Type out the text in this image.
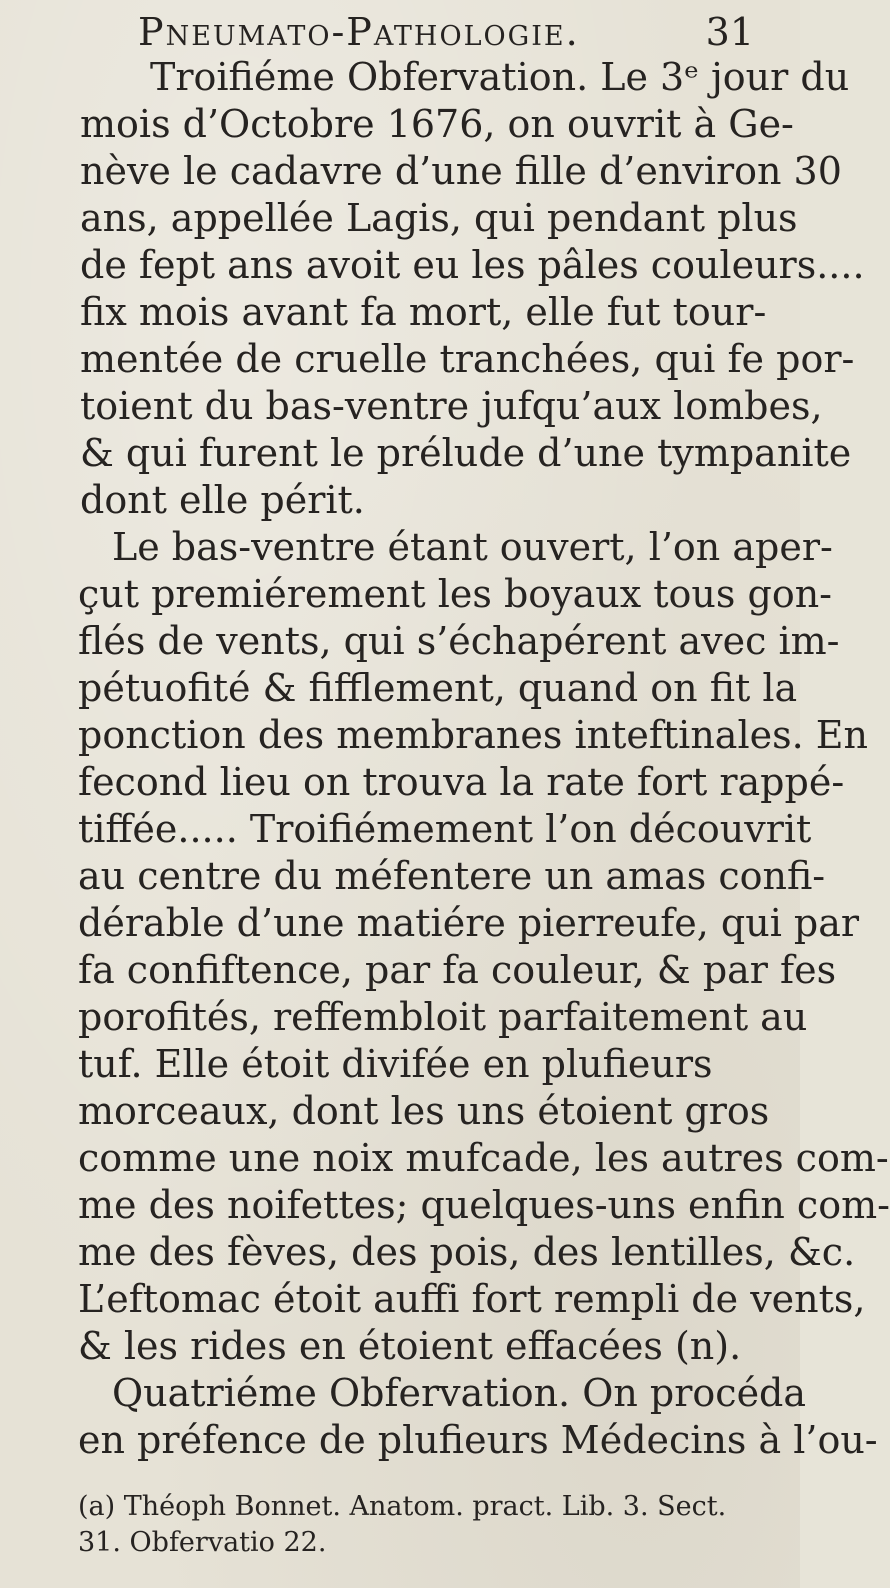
Pneumato-Pathologie.	31
Troifiéme Obfervation. Le 3ᵉ jour du
mois d’Octobre 1676, on ouvrit à Ge-
nève le cadavre d’une fille d’environ 30
ans, appellée Lagis, qui pendant plus
de fept ans avoit eu les pâles couleurs....
fix mois avant fa mort, elle fut tour-
mentée de cruelle tranchées, qui fe por-
toient du bas-ventre jufqu’aux lombes,
& qui furent le prélude d’une tympanite
dont elle périt.
Le bas-ventre étant ouvert, l’on aper-
çut premiérement les boyaux tous gon-
flés de vents, qui s’échapérent avec im-
pétuofité & fifflement, quand on fit la
ponction des membranes inteftinales. En
fecond lieu on trouva la rate fort rappé-
tiffée..... Troifiémement l’on découvrit
au centre du méfentere un amas confi-
dérable d’une matiére pierreufe, qui par
fa confiftence, par fa couleur, & par fes
porofités, reffembloit parfaitement au
tuf. Elle étoit divifée en plufieurs
morceaux, dont les uns étoient gros
comme une noix mufcade, les autres com-
me des noifettes; quelques-uns enfin com-
me des fèves, des pois, des lentilles, &c.
L’eftomac étoit auffi fort rempli de vents,
& les rides en étoient effacées (n).
Quatriéme Obfervation. On procéda
en préfence de plufieurs Médecins à l’ou-
(a) Théoph Bonnet. Anatom. pract. Lib. 3. Sect.
31. Obfervatio 22.
